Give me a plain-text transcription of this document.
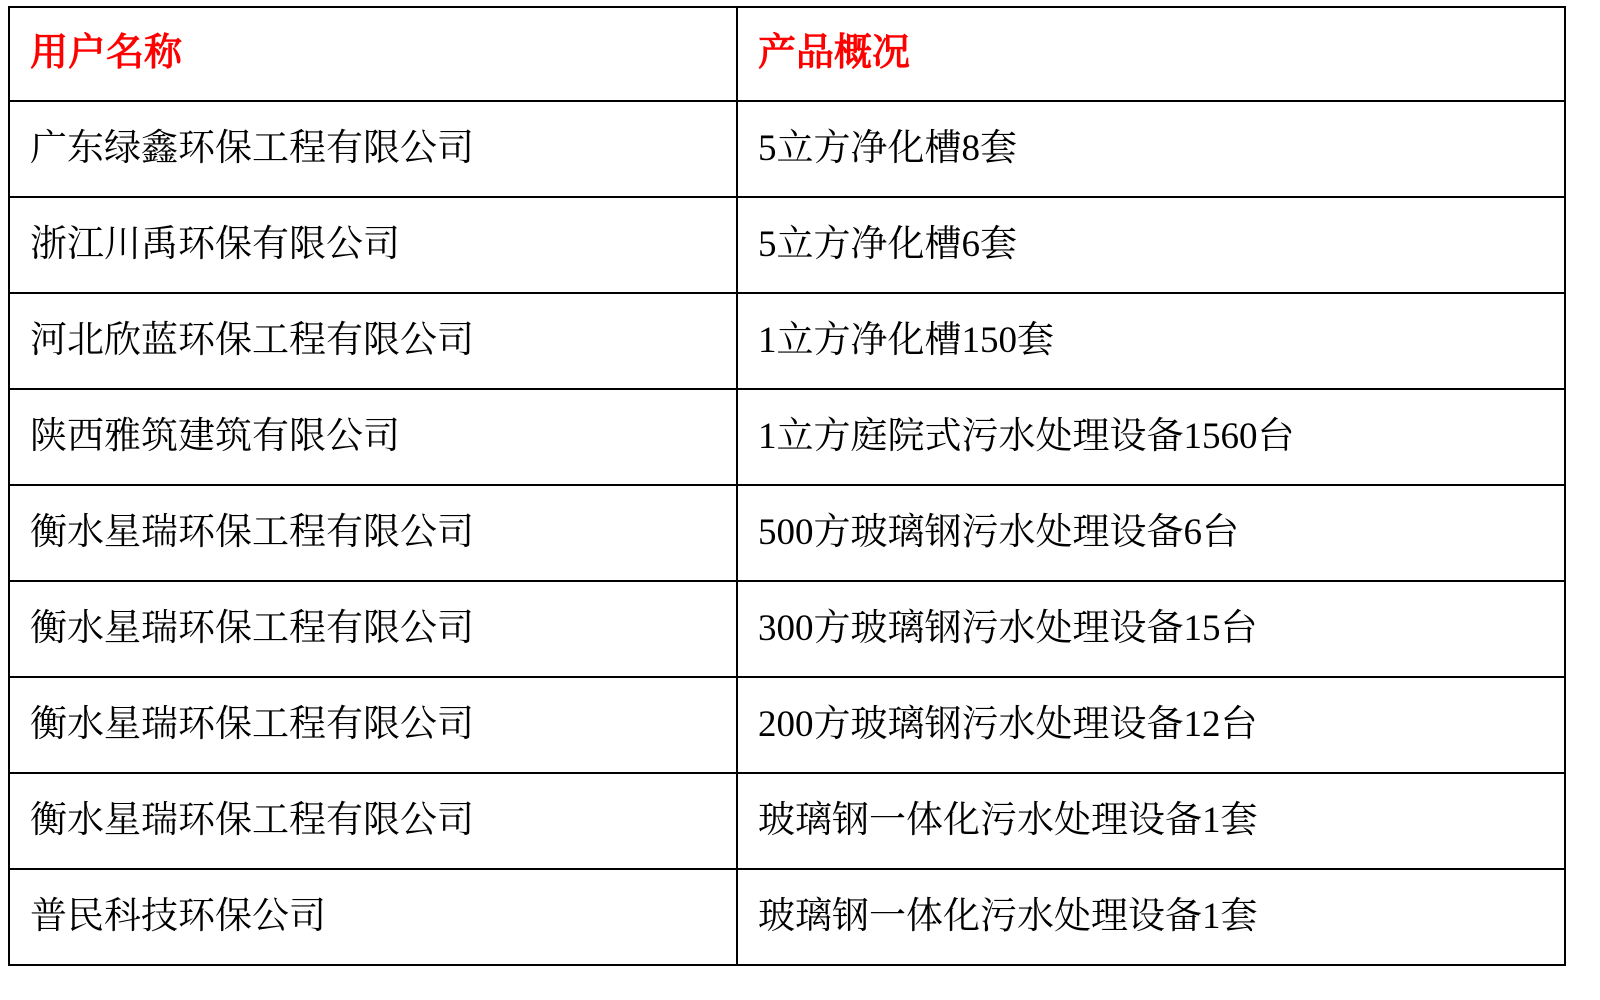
用户名称	产品概况
广东绿鑫环保工程有限公司	5立方净化槽8套
浙江川禹环保有限公司	5立方净化槽6套
河北欣蓝环保工程有限公司	1立方净化槽150套
陕西雅筑建筑有限公司	1立方庭院式污水处理设备1560台
衡水星瑞环保工程有限公司	500方玻璃钢污水处理设备6台
衡水星瑞环保工程有限公司	300方玻璃钢污水处理设备15台
衡水星瑞环保工程有限公司	200方玻璃钢污水处理设备12台
衡水星瑞环保工程有限公司	玻璃钢一体化污水处理设备1套
普民科技环保公司	玻璃钢一体化污水处理设备1套
